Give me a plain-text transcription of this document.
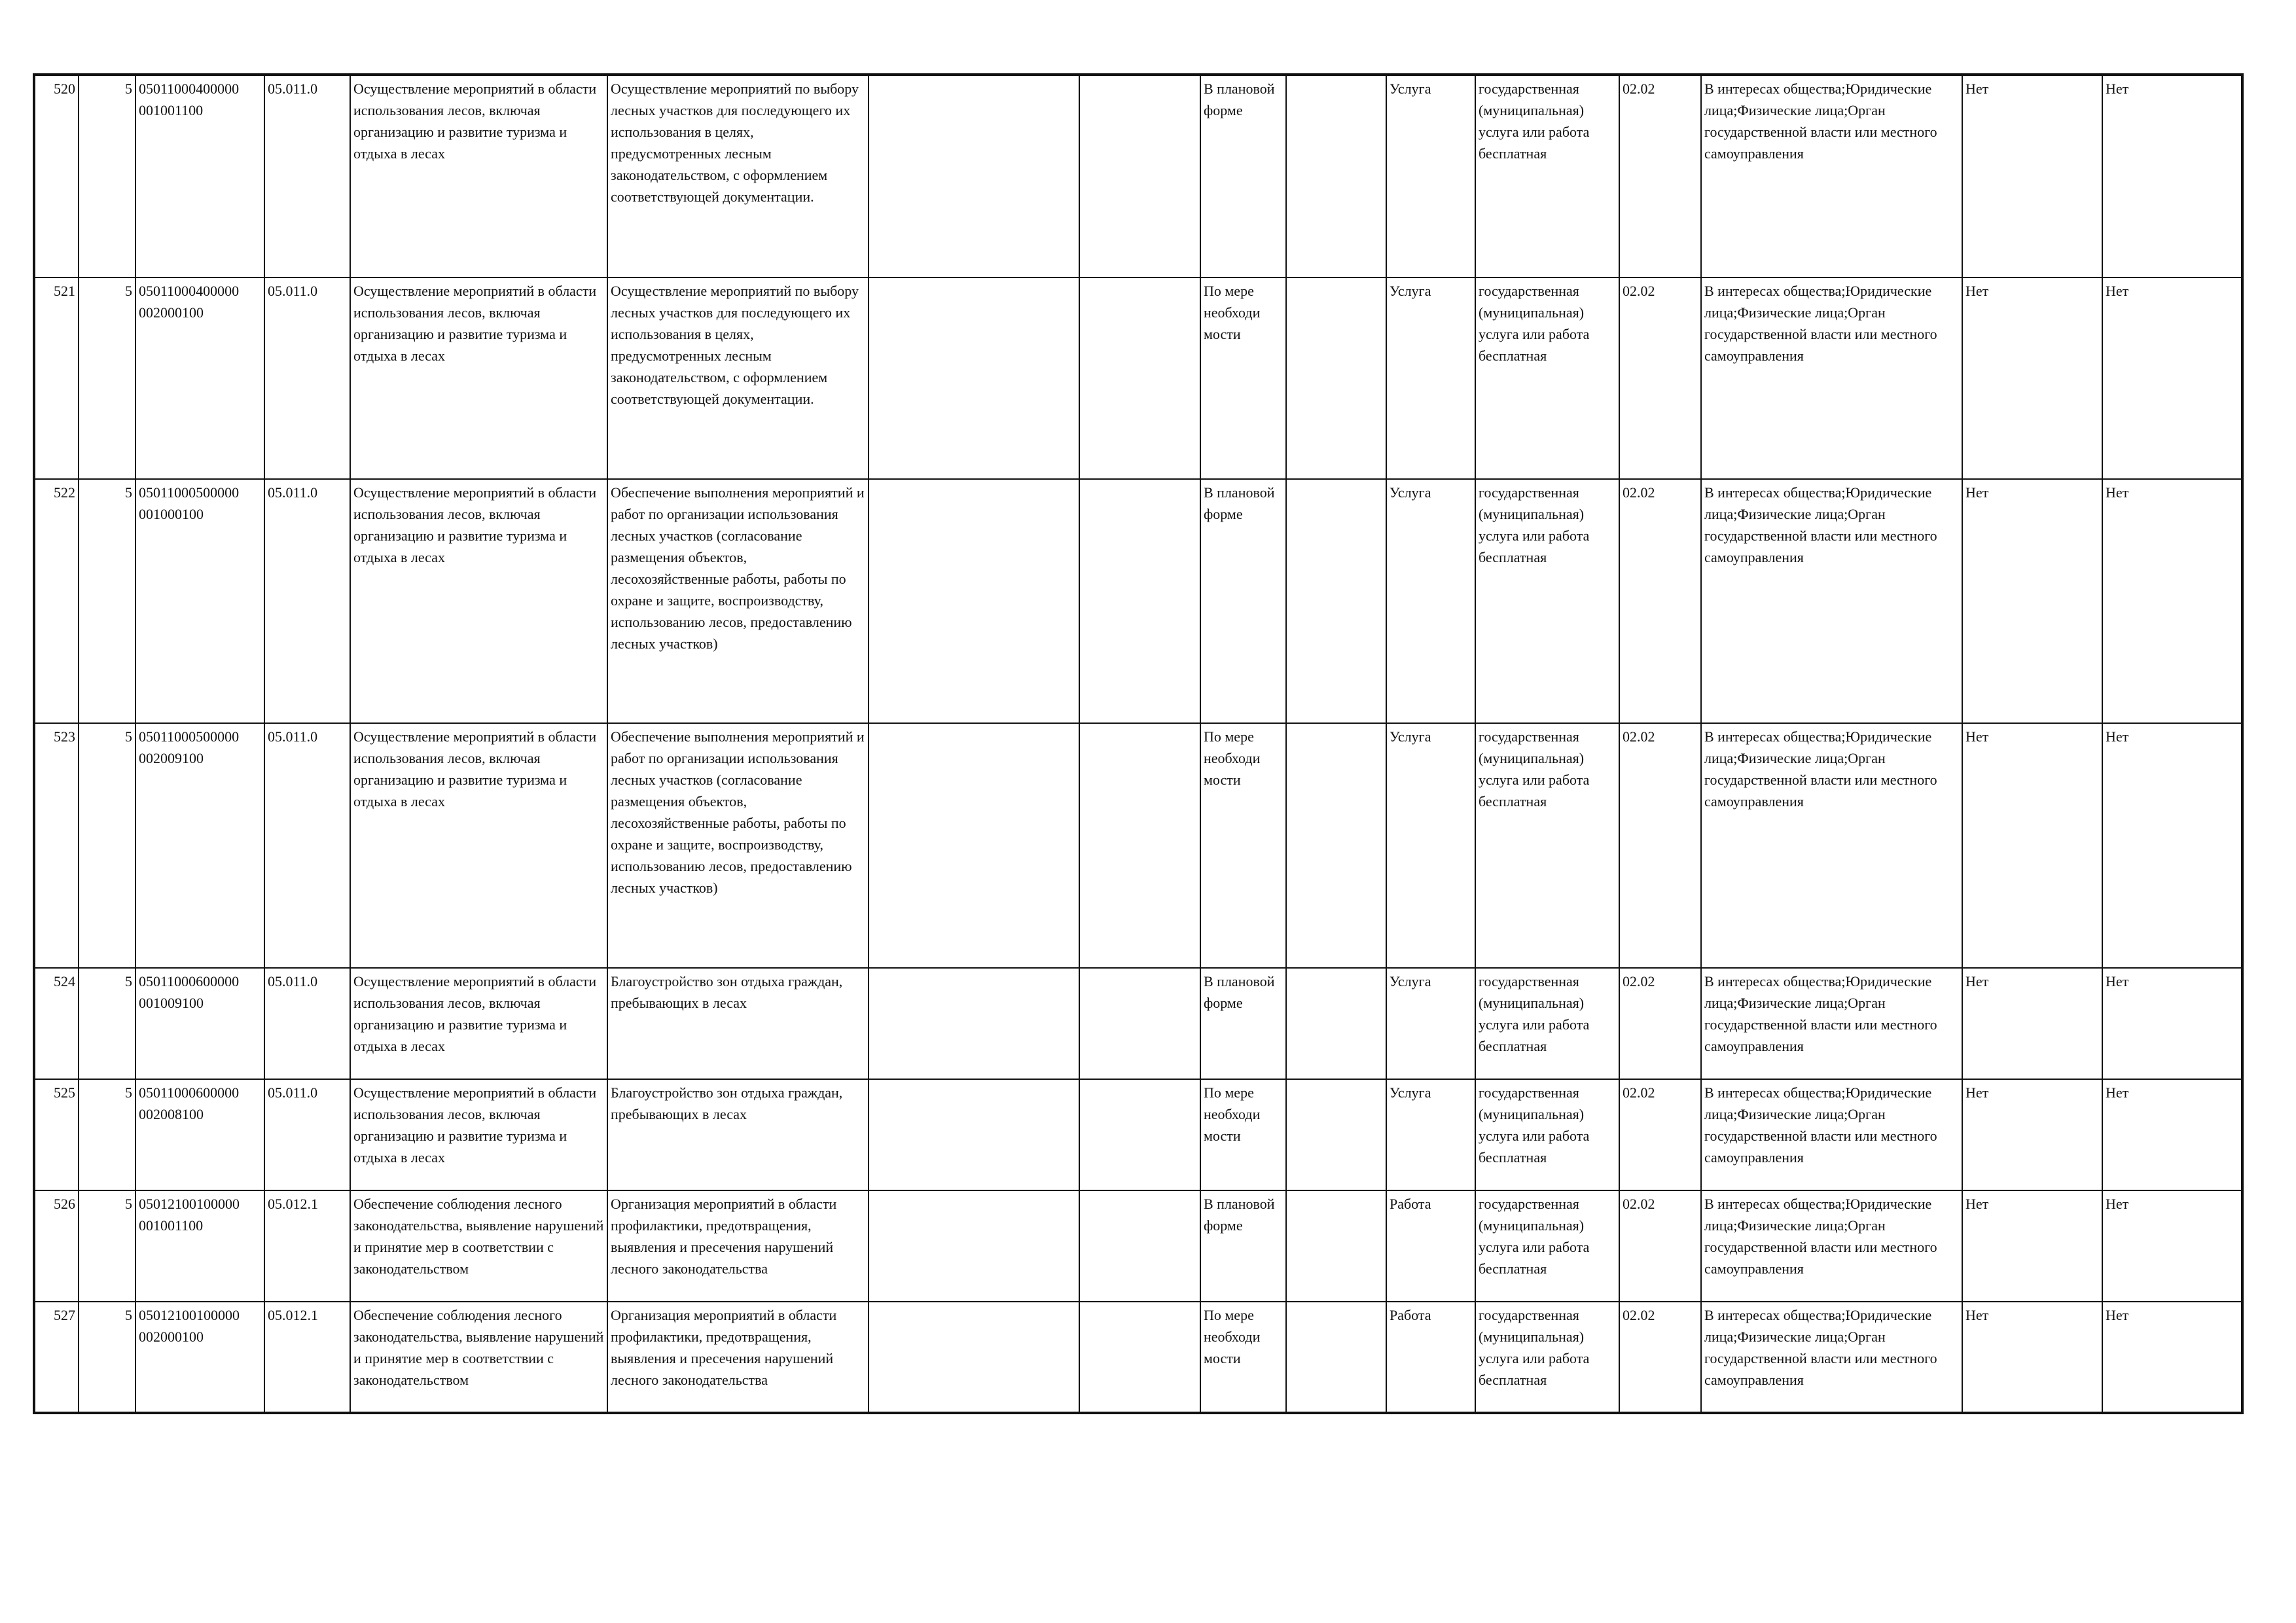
520	5	05011000400000 001001100	05.011.0	Осуществление мероприятий в области использования лесов, включая организацию и развитие туризма и отдыха в лесах	Осуществление мероприятий по выбору лесных участков для последующего их использования в целях, предусмотренных лесным законодательством, с оформлением соответствующей документации.			В плановой форме		Услуга	государственная (муниципальная) услуга или работа бесплатная	02.02	В интересах общества;Юридические лица;Физические лица;Орган государственной власти или местного самоуправления	Нет	Нет
521	5	05011000400000 002000100	05.011.0	Осуществление мероприятий в области использования лесов, включая организацию и развитие туризма и отдыха в лесах	Осуществление мероприятий по выбору лесных участков для последующего их использования в целях, предусмотренных лесным законодательством, с оформлением соответствующей документации.			По мере необходи мости		Услуга	государственная (муниципальная) услуга или работа бесплатная	02.02	В интересах общества;Юридические лица;Физические лица;Орган государственной власти или местного самоуправления	Нет	Нет
522	5	05011000500000 001000100	05.011.0	Осуществление мероприятий в области использования лесов, включая организацию и развитие туризма и отдыха в лесах	Обеспечение выполнения мероприятий и работ по организации использования лесных участков (согласование размещения объектов, лесохозяйственные работы, работы по охране и защите, воспроизводству, использованию лесов, предоставлению лесных участков)			В плановой форме		Услуга	государственная (муниципальная) услуга или работа бесплатная	02.02	В интересах общества;Юридические лица;Физические лица;Орган государственной власти или местного самоуправления	Нет	Нет
523	5	05011000500000 002009100	05.011.0	Осуществление мероприятий в области использования лесов, включая организацию и развитие туризма и отдыха в лесах	Обеспечение выполнения мероприятий и работ по организации использования лесных участков (согласование размещения объектов, лесохозяйственные работы, работы по охране и защите, воспроизводству, использованию лесов, предоставлению лесных участков)			По мере необходи мости		Услуга	государственная (муниципальная) услуга или работа бесплатная	02.02	В интересах общества;Юридические лица;Физические лица;Орган государственной власти или местного самоуправления	Нет	Нет
524	5	05011000600000 001009100	05.011.0	Осуществление мероприятий в области использования лесов, включая организацию и развитие туризма и отдыха в лесах	Благоустройство зон отдыха граждан, пребывающих в лесах			В плановой форме		Услуга	государственная (муниципальная) услуга или работа бесплатная	02.02	В интересах общества;Юридические лица;Физические лица;Орган государственной власти или местного самоуправления	Нет	Нет
525	5	05011000600000 002008100	05.011.0	Осуществление мероприятий в области использования лесов, включая организацию и развитие туризма и отдыха в лесах	Благоустройство зон отдыха граждан, пребывающих в лесах			По мере необходи мости		Услуга	государственная (муниципальная) услуга или работа бесплатная	02.02	В интересах общества;Юридические лица;Физические лица;Орган государственной власти или местного самоуправления	Нет	Нет
526	5	05012100100000 001001100	05.012.1	Обеспечение соблюдения лесного законодательства, выявление нарушений и принятие мер в соответствии с законодательством	Организация мероприятий в области профилактики, предотвращения, выявления и пресечения нарушений лесного законодательства			В плановой форме		Работа	государственная (муниципальная) услуга или работа бесплатная	02.02	В интересах общества;Юридические лица;Физические лица;Орган государственной власти или местного самоуправления	Нет	Нет
527	5	05012100100000 002000100	05.012.1	Обеспечение соблюдения лесного законодательства, выявление нарушений и принятие мер в соответствии с законодательством	Организация мероприятий в области профилактики, предотвращения, выявления и пресечения нарушений лесного законодательства			По мере необходи мости		Работа	государственная (муниципальная) услуга или работа бесплатная	02.02	В интересах общества;Юридические лица;Физические лица;Орган государственной власти или местного самоуправления	Нет	Нет
